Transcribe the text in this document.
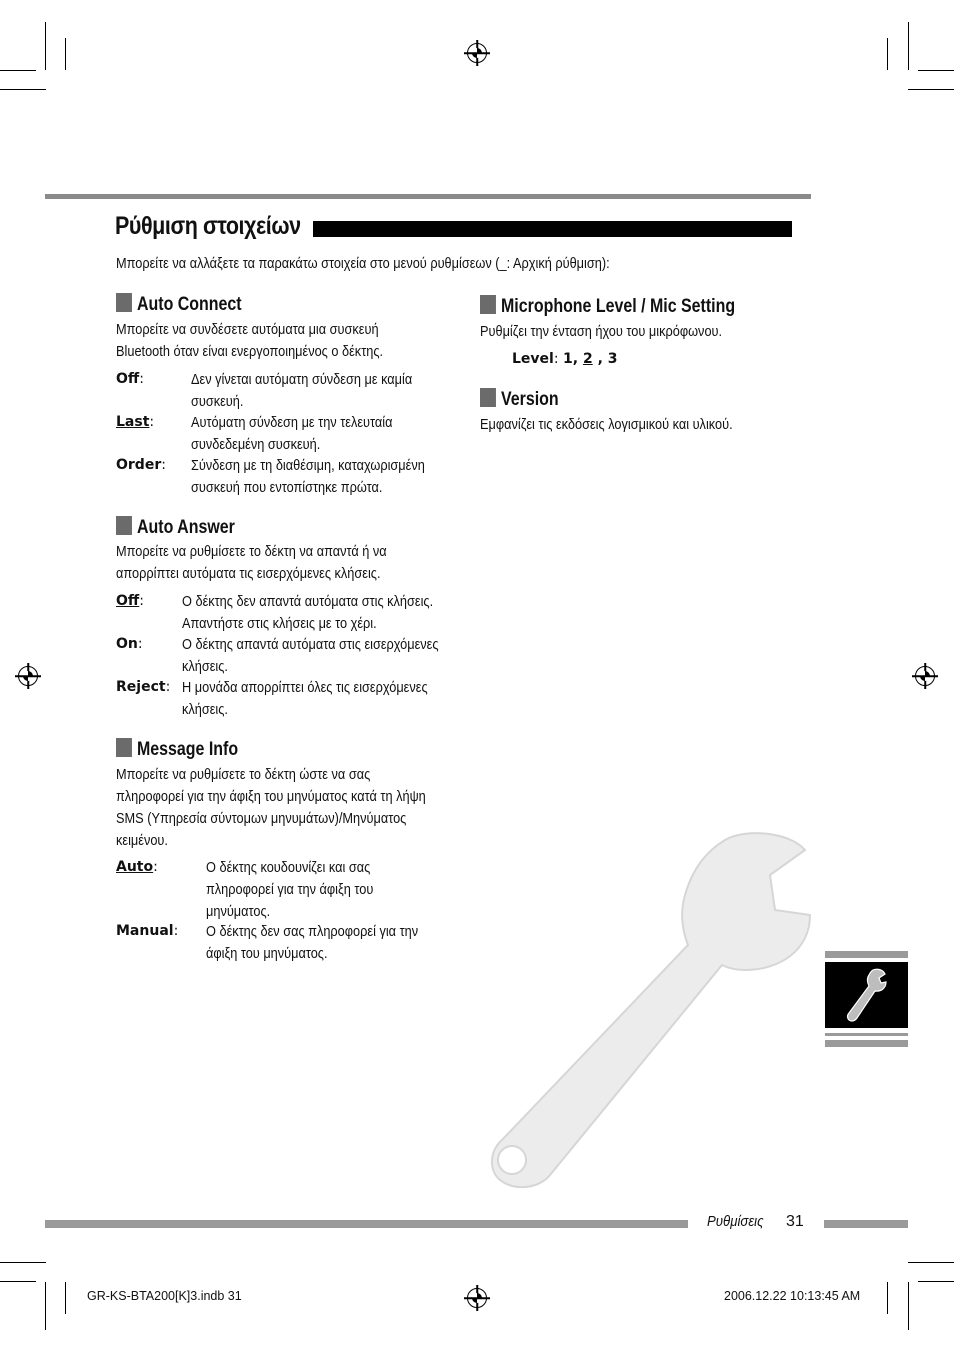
Ρύθμιση στοιχείων
Μπορείτε να αλλάξετε τα παρακάτω στοιχεία στο μενού ρυθμίσεων (_: Αρχική ρύθμιση):
Auto Connect
Μπορείτε να συνδέσετε αυτόματα μια συσκευή
Bluetooth όταν είναι ενεργοποιημένος ο δέκτης.
Off:	Δεν γίνεται αυτόματη σύνδεση με καμία
συσκευή.
Last:	Αυτόματη σύνδεση με την τελευταία
συνδεδεμένη συσκευή.
Order: Σύνδεση με τη διαθέσιμη, καταχωρισμένη
συσκευή που εντοπίστηκε πρώτα.
Auto Answer
Μπορείτε να ρυθμίσετε το δέκτη να απαντά ή να
απορρίπτει αυτόματα τις εισερχόμενες κλήσεις.
Off:	Ο δέκτης δεν απαντά αυτόματα στις κλήσεις.
Απαντήστε στις κλήσεις με το χέρι.
On:	Ο δέκτης απαντά αυτόματα στις εισερχόμενες
κλήσεις.
Reject: Η μονάδα απορρίπτει όλες τις εισερχόμενες
κλήσεις.
Message Info
Μπορείτε να ρυθμίσετε το δέκτη ώστε να σας
πληροφορεί για την άφιξη του μηνύματος κατά τη λήψη
SMS (Υπηρεσία σύντομων μηνυμάτων)/Μηνύματος
κειμένου.
Auto:	Ο δέκτης κουδουνίζει και σας
πληροφορεί για την άφιξη του
μηνύματος.
Manual: Ο δέκτης δεν σας πληροφορεί για την
άφιξη του μηνύματος.
Microphone Level / Mic Setting
Ρυθμίζει την ένταση ήχου του μικρόφωνου.
Level: 1, 2 , 3
Version
Εμφανίζει τις εκδόσεις λογισμικού και υλικού.
Ρυθμίσεις 31
GR-KS-BTA200[K]3.indb 31	2006.12.22 10:13:45 AM
